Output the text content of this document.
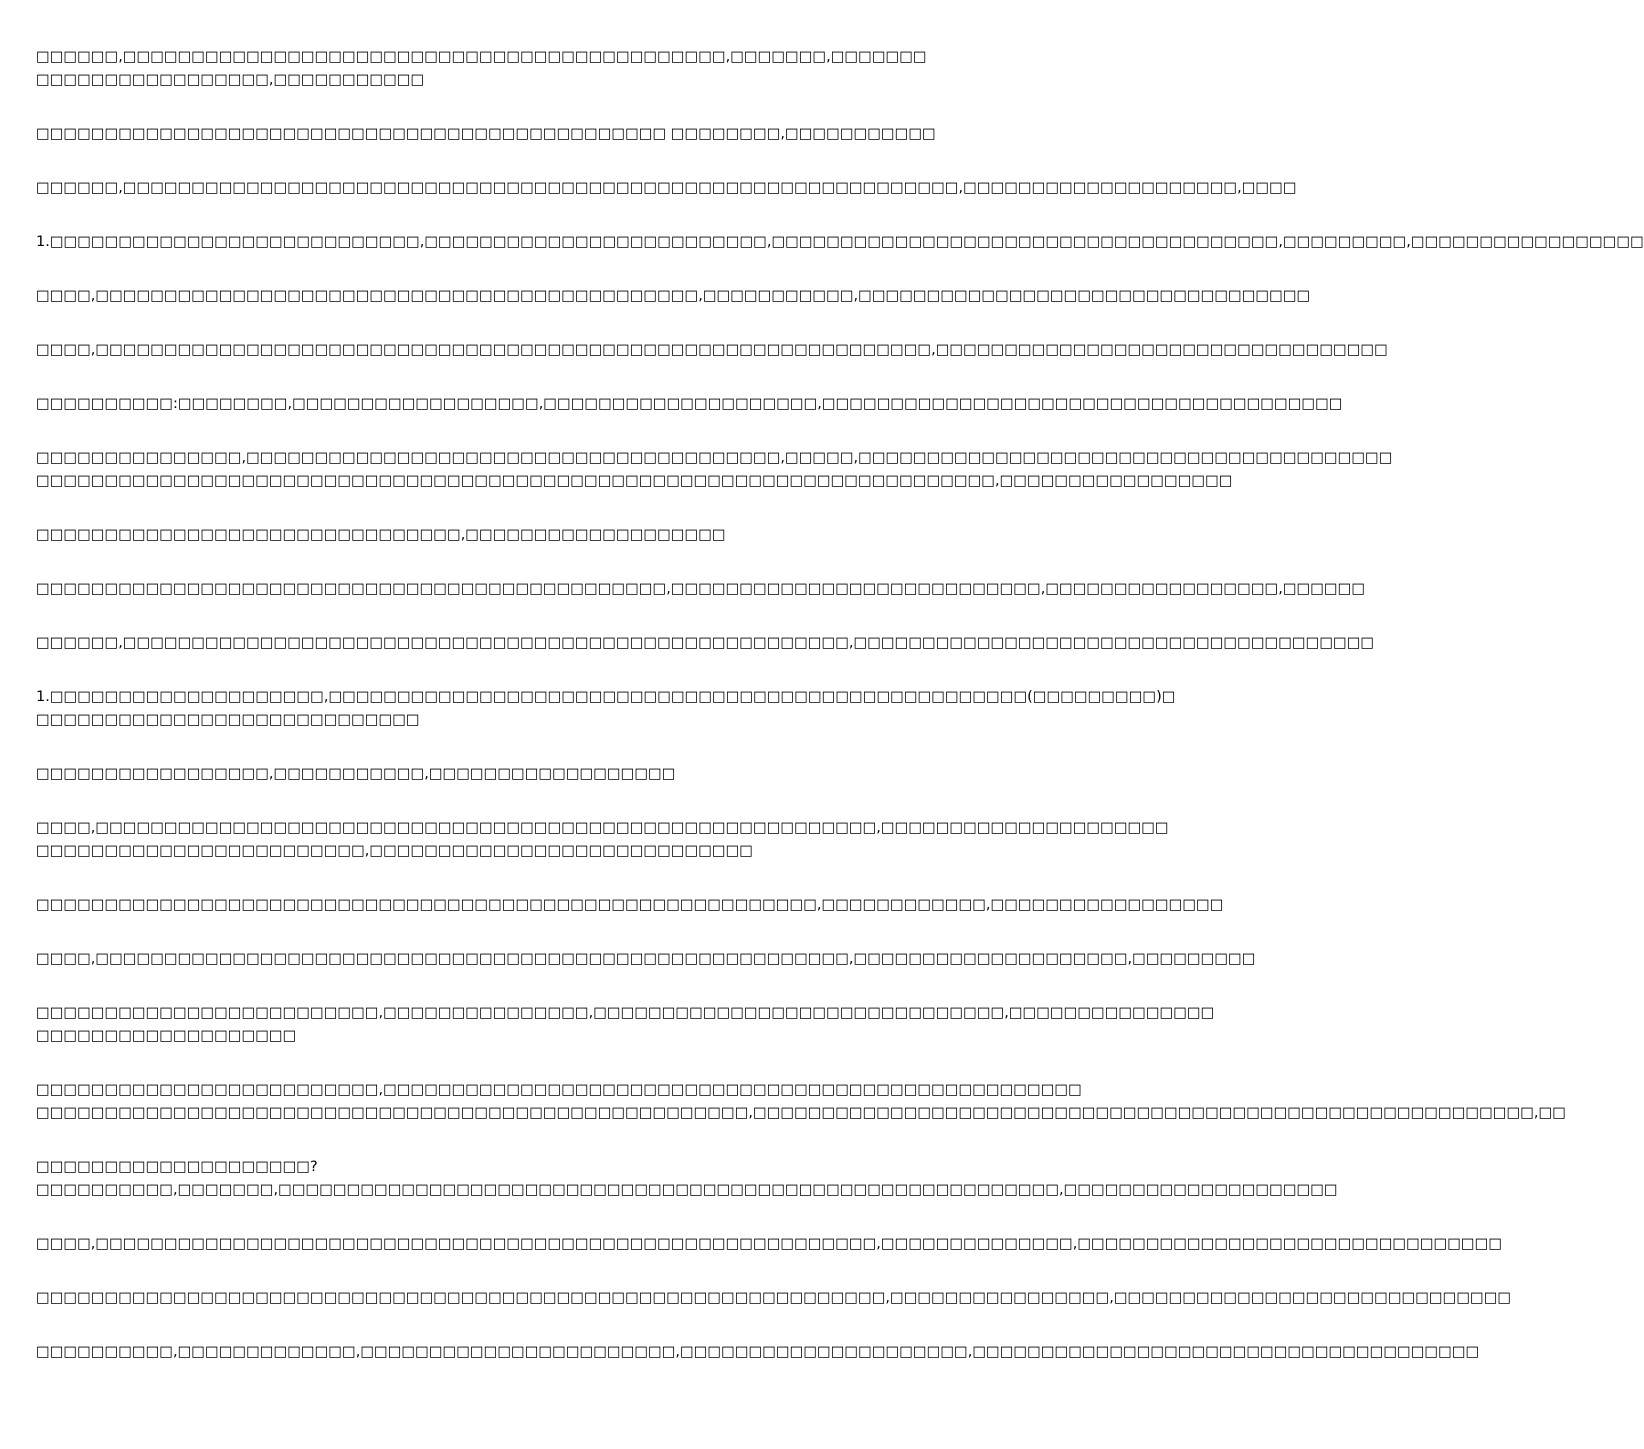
□□□□□□,□□□□□□□□□□□□□□□□□□□□□□□□□□□□□□□□□□□□□□□□□□□□,□□□□□□□,□□□□□□□
□□□□□□□□□□□□□□□□□,□□□□□□□□□□□

□□□□□□□□□□□□□□□□□□□□□□□□□□□□□□□□□□□□□□□□□□□□□□ □□□□□□□□,□□□□□□□□□□□

□□□□□□,□□□□□□□□□□□□□□□□□□□□□□□□□□□□□□□□□□□□□□□□□□□□□□□□□□□□□□□□□□□□□,□□□□□□□□□□□□□□□□□□□□,□□□□

1.□□□□□□□□□□□□□□□□□□□□□□□□□□□,□□□□□□□□□□□□□□□□□□□□□□□□□,□□□□□□□□□□□□□□□□□□□□□□□□□□□□□□□□□□□□□,□□□□□□□□□,□□□□□□□□□□□□□□□□□

□□□□,□□□□□□□□□□□□□□□□□□□□□□□□□□□□□□□□□□□□□□□□□□□□,□□□□□□□□□□□,□□□□□□□□□□□□□□□□□□□□□□□□□□□□□□□□□

□□□□,□□□□□□□□□□□□□□□□□□□□□□□□□□□□□□□□□□□□□□□□□□□□□□□□□□□□□□□□□□□□□,□□□□□□□□□□□□□□□□□□□□□□□□□□□□□□□□□

□□□□□□□□□□:□□□□□□□□,□□□□□□□□□□□□□□□□□□,□□□□□□□□□□□□□□□□□□□□,□□□□□□□□□□□□□□□□□□□□□□□□□□□□□□□□□□□□□□

□□□□□□□□□□□□□□□,□□□□□□□□□□□□□□□□□□□□□□□□□□□□□□□□□□□□□□□,□□□□□,□□□□□□□□□□□□□□□□□□□□□□□□□□□□□□□□□□□□□□□
□□□□□□□□□□□□□□□□□□□□□□□□□□□□□□□□□□□□□□□□□□□□□□□□□□□□□□□□□□□□□□□□□□□□□□,□□□□□□□□□□□□□□□□□

□□□□□□□□□□□□□□□□□□□□□□□□□□□□□□□,□□□□□□□□□□□□□□□□□□□

□□□□□□□□□□□□□□□□□□□□□□□□□□□□□□□□□□□□□□□□□□□□□□,□□□□□□□□□□□□□□□□□□□□□□□□□□□,□□□□□□□□□□□□□□□□□,□□□□□□

□□□□□□,□□□□□□□□□□□□□□□□□□□□□□□□□□□□□□□□□□□□□□□□□□□□□□□□□□□□□,□□□□□□□□□□□□□□□□□□□□□□□□□□□□□□□□□□□□□□

1.□□□□□□□□□□□□□□□□□□□□,□□□□□□□□□□□□□□□□□□□□□□□□□□□□□□□□□□□□□□□□□□□□□□□□□□□(□□□□□□□□□)□
□□□□□□□□□□□□□□□□□□□□□□□□□□□□

□□□□□□□□□□□□□□□□□,□□□□□□□□□□□,□□□□□□□□□□□□□□□□□□

□□□□,□□□□□□□□□□□□□□□□□□□□□□□□□□□□□□□□□□□□□□□□□□□□□□□□□□□□□□□□□,□□□□□□□□□□□□□□□□□□□□□
□□□□□□□□□□□□□□□□□□□□□□□□,□□□□□□□□□□□□□□□□□□□□□□□□□□□□

□□□□□□□□□□□□□□□□□□□□□□□□□□□□□□□□□□□□□□□□□□□□□□□□□□□□□□□□□,□□□□□□□□□□□□,□□□□□□□□□□□□□□□□□

□□□□,□□□□□□□□□□□□□□□□□□□□□□□□□□□□□□□□□□□□□□□□□□□□□□□□□□□□□□□,□□□□□□□□□□□□□□□□□□□□,□□□□□□□□□

□□□□□□□□□□□□□□□□□□□□□□□□□,□□□□□□□□□□□□□□□,□□□□□□□□□□□□□□□□□□□□□□□□□□□□□□,□□□□□□□□□□□□□□□
□□□□□□□□□□□□□□□□□□□

□□□□□□□□□□□□□□□□□□□□□□□□□,□□□□□□□□□□□□□□□□□□□□□□□□□□□□□□□□□□□□□□□□□□□□□□□□□□□
□□□□□□□□□□□□□□□□□□□□□□□□□□□□□□□□□□□□□□□□□□□□□□□□□□□□,□□□□□□□□□□□□□□□□□□□□□□□□□□□□□□□□□□□□□□□□□□□□□□□□□□□□□□□□□,□□

□□□□□□□□□□□□□□□□□□□□?
□□□□□□□□□□,□□□□□□□,□□□□□□□□□□□□□□□□□□□□□□□□□□□□□□□□□□□□□□□□□□□□□□□□□□□□□□□□□,□□□□□□□□□□□□□□□□□□□□

□□□□,□□□□□□□□□□□□□□□□□□□□□□□□□□□□□□□□□□□□□□□□□□□□□□□□□□□□□□□□□,□□□□□□□□□□□□□□,□□□□□□□□□□□□□□□□□□□□□□□□□□□□□□□

□□□□□□□□□□□□□□□□□□□□□□□□□□□□□□□□□□□□□□□□□□□□□□□□□□□□□□□□□□□□□□,□□□□□□□□□□□□□□□□,□□□□□□□□□□□□□□□□□□□□□□□□□□□□□

□□□□□□□□□□,□□□□□□□□□□□□□,□□□□□□□□□□□□□□□□□□□□□□□,□□□□□□□□□□□□□□□□□□□□□,□□□□□□□□□□□□□□□□□□□□□□□□□□□□□□□□□□□□□
